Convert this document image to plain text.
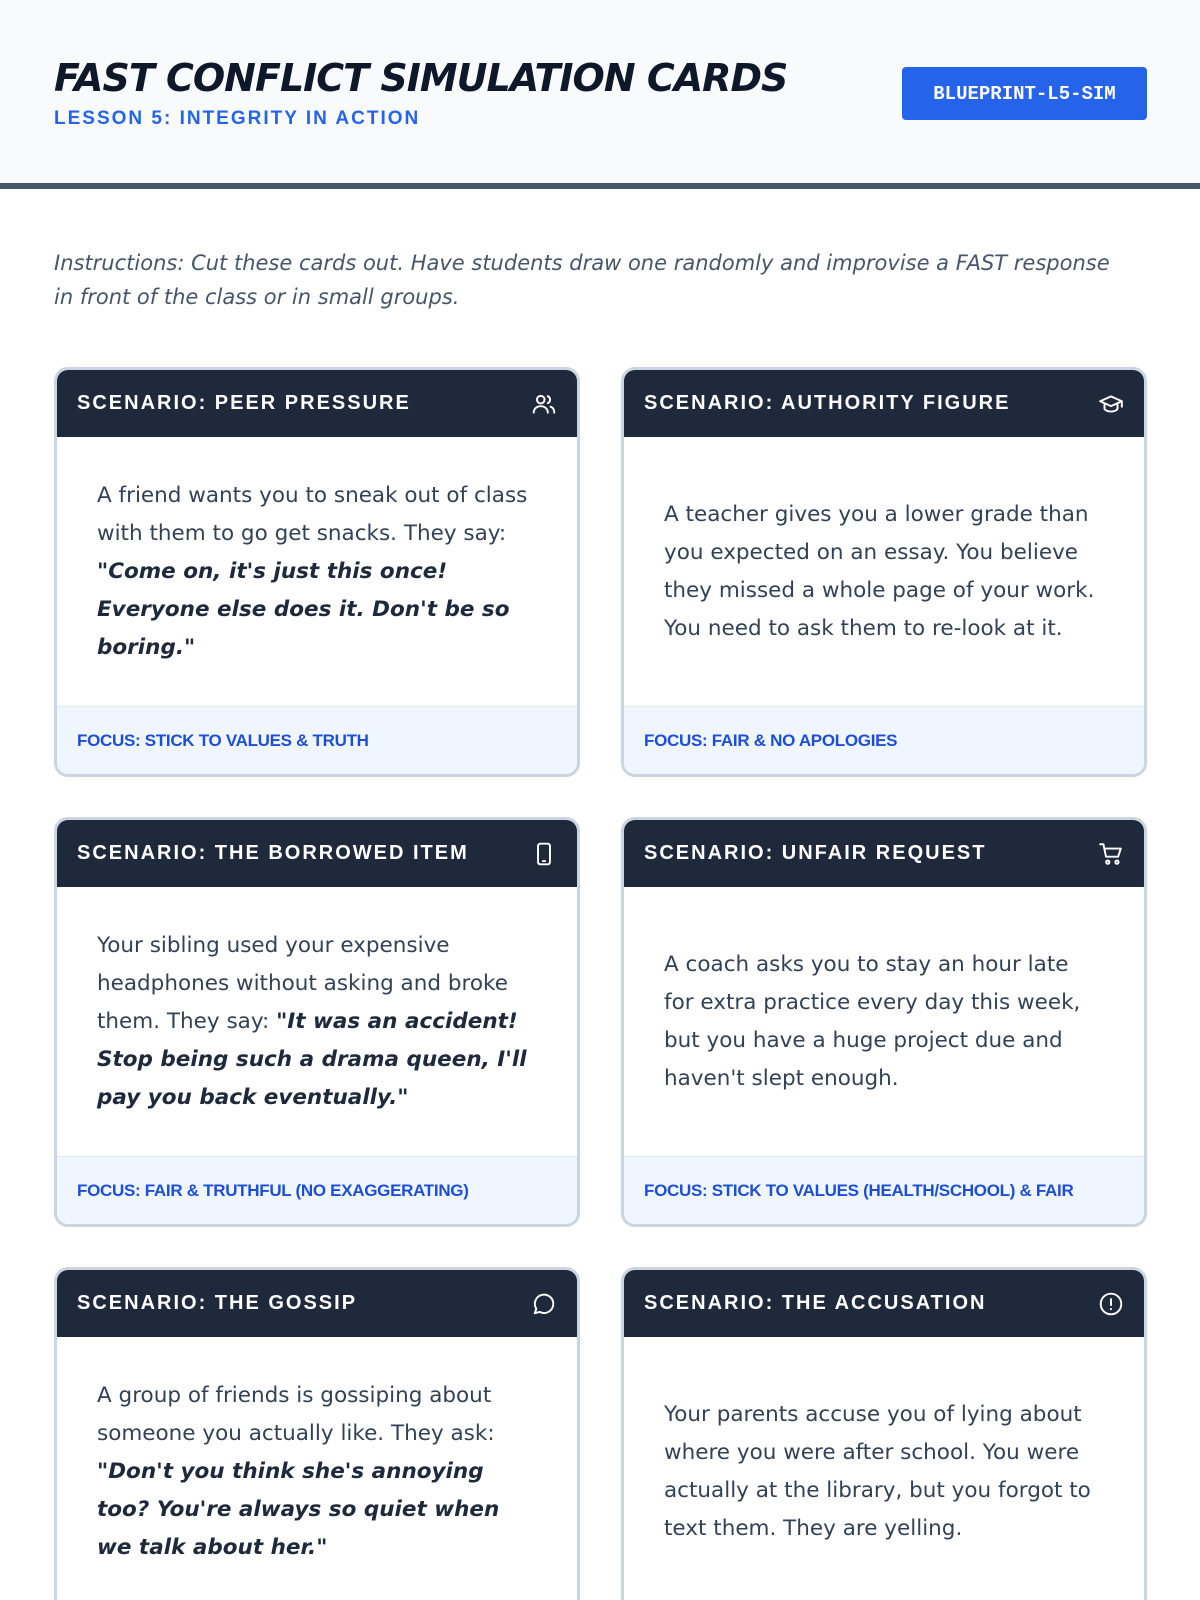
FAST CONFLICT SIMULATION CARDS
LESSON 5: INTEGRITY IN ACTION
BLUEPRINT-L5-SIM
Instructions: Cut these cards out. Have students draw one randomly and improvise a FAST response in front of the class or in small groups.
SCENARIO: PEER PRESSURE

A friend wants you to sneak out of class with them to go get snacks. They say: "Come on, it's just this once! Everyone else does it. Don't be so boring."

FOCUS: STICK TO VALUES & TRUTH
SCENARIO: AUTHORITY FIGURE

A teacher gives you a lower grade than you expected on an essay. You believe they missed a whole page of your work. You need to ask them to re-look at it.

FOCUS: FAIR & NO APOLOGIES
SCENARIO: THE BORROWED ITEM

Your sibling used your expensive headphones without asking and broke them. They say: "It was an accident! Stop being such a drama queen, I'll pay you back eventually."

FOCUS: FAIR & TRUTHFUL (NO EXAGGERATING)
SCENARIO: UNFAIR REQUEST

A coach asks you to stay an hour late for extra practice every day this week, but you have a huge project due and haven't slept enough.

FOCUS: STICK TO VALUES (HEALTH/SCHOOL) & FAIR
SCENARIO: THE GOSSIP

A group of friends is gossiping about someone you actually like. They ask: "Don't you think she's annoying too? You're always so quiet when we talk about her."

SCENARIO: THE ACCUSATION

Your parents accuse you of lying about where you were after school. You were actually at the library, but you forgot to text them. They are yelling.
